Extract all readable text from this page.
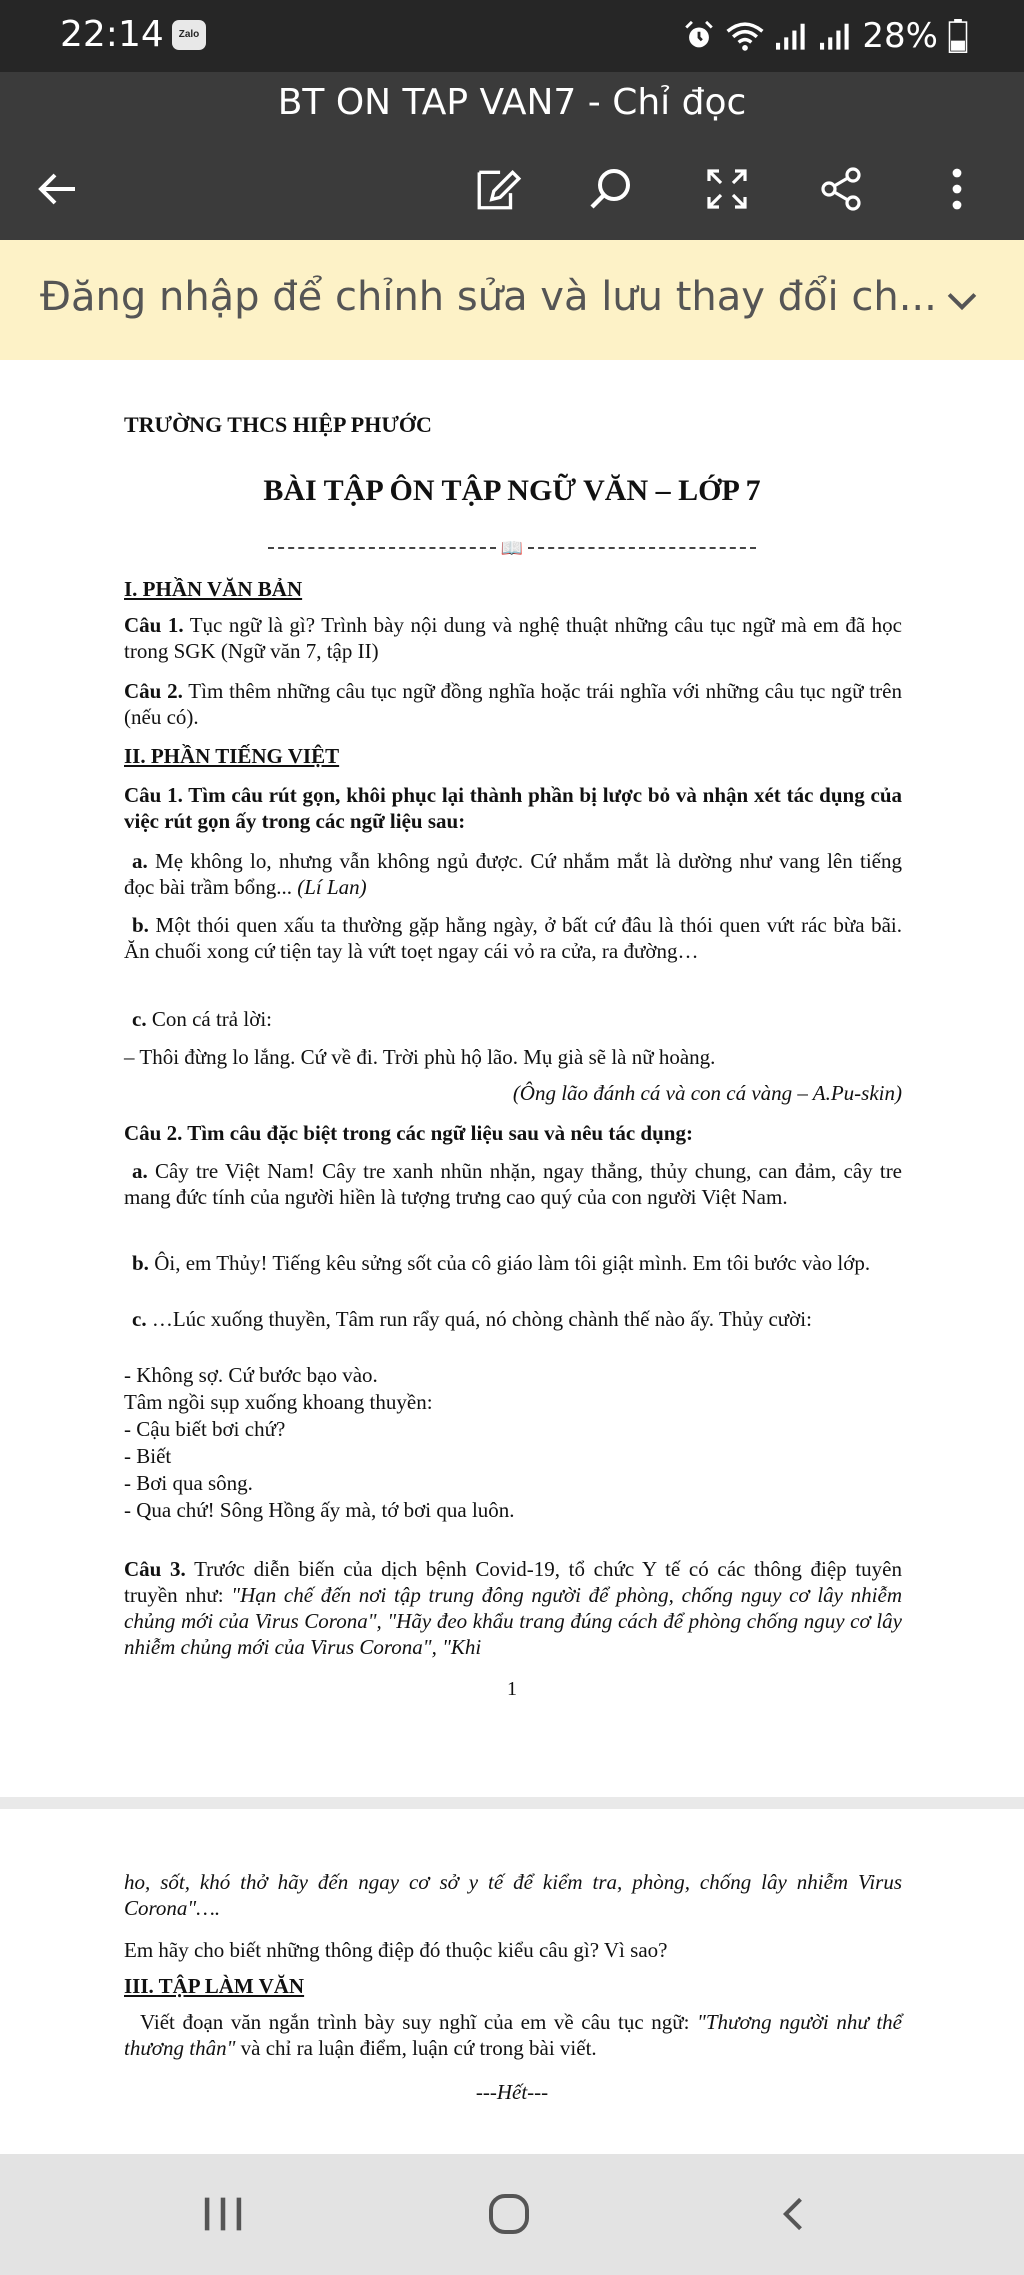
22:14	Zalo	28%
BT ON TAP VAN7 - Chỉ đọc
Đăng nhập để chỉnh sửa và lưu thay đổi ch...
TRƯỜNG THCS HIỆP PHƯỚC
BÀI TẬP ÔN TẬP NGỮ VĂN – LỚP 7
📖
I. PHẦN VĂN BẢN
Câu 1. Tục ngữ là gì? Trình bày nội dung và nghệ thuật những câu tục ngữ mà em đã học trong SGK (Ngữ văn 7, tập II)
Câu 2. Tìm thêm những câu tục ngữ đồng nghĩa hoặc trái nghĩa với những câu tục ngữ trên (nếu có).
II. PHẦN TIẾNG VIỆT
Câu 1. Tìm câu rút gọn, khôi phục lại thành phần bị lược bỏ và nhận xét tác dụng của việc rút gọn ấy trong các ngữ liệu sau:
a. Mẹ không lo, nhưng vẫn không ngủ được. Cứ nhắm mắt là dường như vang lên tiếng đọc bài trầm bổng... (Lí Lan)
b. Một thói quen xấu ta thường gặp hằng ngày, ở bất cứ đâu là thói quen vứt rác bừa bãi. Ăn chuối xong cứ tiện tay là vứt toẹt ngay cái vỏ ra cửa, ra đường…
c. Con cá trả lời:
– Thôi đừng lo lắng. Cứ về đi. Trời phù hộ lão. Mụ già sẽ là nữ hoàng.
(Ông lão đánh cá và con cá vàng – A.Pu-skin)
Câu 2. Tìm câu đặc biệt trong các ngữ liệu sau và nêu tác dụng:
a. Cây tre Việt Nam! Cây tre xanh nhũn nhặn, ngay thẳng, thủy chung, can đảm, cây tre mang đức tính của người hiền là tượng trưng cao quý của con người Việt Nam.
b. Ôi, em Thủy! Tiếng kêu sửng sốt của cô giáo làm tôi giật mình. Em tôi bước vào lớp.
c. …Lúc xuống thuyền, Tâm run rẩy quá, nó chòng chành thế nào ấy. Thủy cười:
- Không sợ. Cứ bước bạo vào.
Tâm ngồi sụp xuống khoang thuyền:
- Cậu biết bơi chứ?
- Biết
- Bơi qua sông.
- Qua chứ! Sông Hồng ấy mà, tớ bơi qua luôn.
Câu 3. Trước diễn biến của dịch bệnh Covid-19, tổ chức Y tế có các thông điệp tuyên truyền như: "Hạn chế đến nơi tập trung đông người để phòng, chống nguy cơ lây nhiễm chủng mới của Virus Corona", "Hãy đeo khẩu trang đúng cách để phòng chống nguy cơ lây nhiễm chủng mới của Virus Corona", "Khi
1
ho, sốt, khó thở hãy đến ngay cơ sở y tế để kiểm tra, phòng, chống lây nhiễm Virus Corona"….
Em hãy cho biết những thông điệp đó thuộc kiểu câu gì? Vì sao?
III. TẬP LÀM VĂN
Viết đoạn văn ngắn trình bày suy nghĩ của em về câu tục ngữ: "Thương người như thể thương thân" và chỉ ra luận điểm, luận cứ trong bài viết.
---Hết---
